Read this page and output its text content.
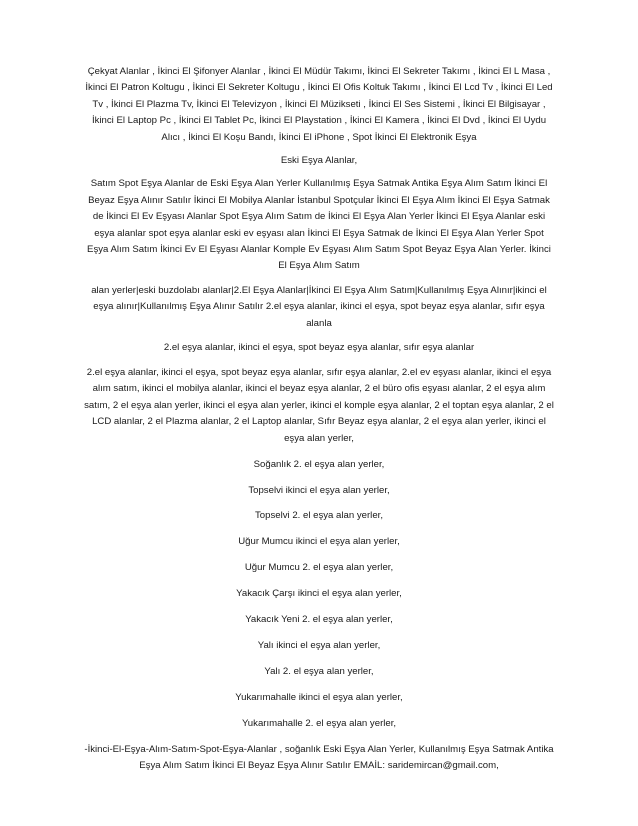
Çekyat Alanlar , İkinci El Şifonyer Alanlar , İkinci El Müdür Takımı, İkinci El Sekreter Takımı , İkinci El L Masa , İkinci El Patron Koltugu , İkinci El Sekreter Koltugu , İkinci El Ofis Koltuk Takımı , İkinci El Lcd Tv , İkinci El Led Tv , İkinci El Plazma Tv, İkinci El Televizyon , İkinci El Müzikseti , İkinci El Ses Sistemi , İkinci El Bilgisayar , İkinci El Laptop Pc , İkinci El Tablet Pc, İkinci El Playstation , İkinci El Kamera , İkinci El Dvd , İkinci El Uydu Alıcı , İkinci El Koşu Bandı, İkinci El iPhone , Spot İkinci El Elektronik Eşya

Eski Eşya Alanlar,

Satım Spot Eşya Alanlar de Eski Eşya Alan Yerler Kullanılmış Eşya Satmak Antika Eşya Alım Satım İkinci El Beyaz Eşya Alınır Satılır İkinci El Mobilya Alanlar İstanbul Spotçular İkinci El Eşya Alım İkinci El Eşya Satmak de İkinci El Ev Eşyası Alanlar Spot Eşya Alım Satım de İkinci El Eşya Alan Yerler İkinci El Eşya Alanlar eski eşya alanlar spot eşya alanlar eski ev eşyası alan İkinci El Eşya Satmak de İkinci El Eşya Alan Yerler Spot Eşya Alım Satım İkinci Ev El Eşyası Alanlar Komple Ev Eşyası Alım Satım Spot Beyaz Eşya Alan Yerler. İkinci El Eşya Alım Satım

alan yerler|eski buzdolabı alanlar|2.El Eşya Alanlar|İkinci El Eşya Alım Satım|Kullanılmış Eşya Alınır|ikinci el eşya alınır|Kullanılmış Eşya Alınır Satılır 2.el eşya alanlar, ikinci el eşya, spot beyaz eşya alanlar, sıfır eşya alanla

2.el eşya alanlar, ikinci el eşya, spot beyaz eşya alanlar, sıfır eşya alanlar

2.el eşya alanlar, ikinci el eşya, spot beyaz eşya alanlar, sıfır eşya alanlar, 2.el ev eşyası alanlar, ikinci el eşya alım satım, ikinci el mobilya alanlar, ikinci el beyaz eşya alanlar, 2 el büro ofis eşyası alanlar, 2 el eşya alım satım, 2 el eşya alan yerler, ikinci el eşya alan yerler, ikinci el komple eşya alanlar, 2 el toptan eşya alanlar, 2 el LCD alanlar, 2 el Plazma alanlar, 2 el Laptop alanlar, Sıfır Beyaz eşya alanlar, 2 el eşya alan yerler, ikinci el eşya alan yerler,

Soğanlık 2. el eşya alan yerler,

Topselvi ikinci el eşya alan yerler,

Topselvi 2. el eşya alan yerler,

Uğur Mumcu ikinci el eşya alan yerler,

Uğur Mumcu 2. el eşya alan yerler,

Yakacık Çarşı ikinci el eşya alan yerler,

Yakacık Yeni 2. el eşya alan yerler,

Yalı ikinci el eşya alan yerler,

Yalı 2. el eşya alan yerler,

Yukarımahalle ikinci el eşya alan yerler,

Yukarımahalle 2. el eşya alan yerler,

-İkinci-El-Eşya-Alım-Satım-Spot-Eşya-Alanlar , soğanlık Eski Eşya Alan Yerler, Kullanılmış Eşya Satmak Antika Eşya Alım Satım İkinci El Beyaz Eşya Alınır Satılır EMAİL: saridemircan@gmail.com,
